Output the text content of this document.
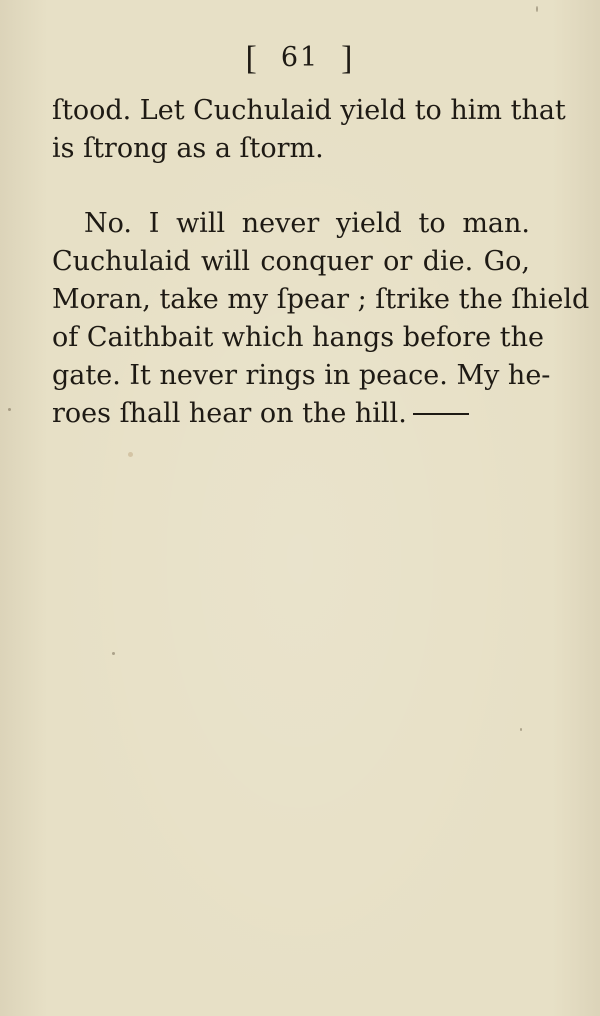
[ 61 ]
ſtood. Let Cuchulaid yield to him that
is ſtrong as a ſtorm.
No. I will never yield to man.
Cuchulaid will conquer or die. Go,
Moran, take my ſpear ; ſtrike the ſhield
of Caithbait which hangs before the
gate. It never rings in peace. My he-
roes ſhall hear on the hill.
